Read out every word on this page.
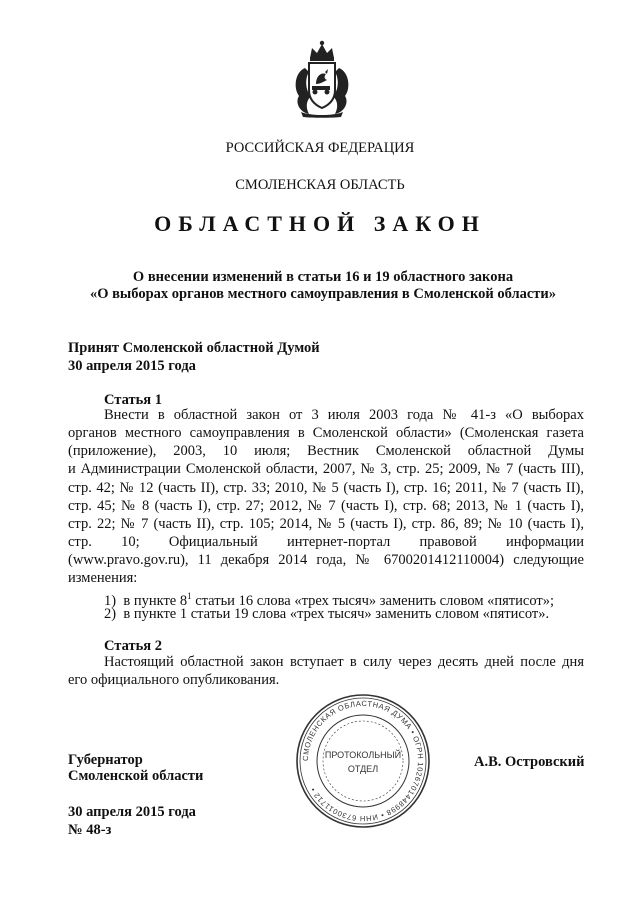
РОССИЙСКАЯ ФЕДЕРАЦИЯ
СМОЛЕНСКАЯ ОБЛАСТЬ
ОБЛАСТНОЙ ЗАКОН
О внесении изменений в статьи 16 и 19 областного закона
«О выборах органов местного самоуправления в Смоленской области»
Принят Смоленской областной Думой
30 апреля 2015 года
Статья 1
Внести в областной закон от 3 июля 2003 года № 41-з «О выборах
органов местного самоуправления в Смоленской области» (Смоленская газета
(приложение), 2003, 10 июля; Вестник Смоленской областной Думы
и Администрации Смоленской области, 2007, № 3, стр. 25; 2009, № 7 (часть III),
стр. 42; № 12 (часть II), стр. 33; 2010, № 5 (часть I), стр. 16; 2011, № 7 (часть II),
стр. 45; № 8 (часть I), стр. 27; 2012, № 7 (часть I), стр. 68; 2013, № 1 (часть I),
стр. 22; № 7 (часть II), стр. 105; 2014, № 5 (часть I), стр. 86, 89; № 10 (часть I),
стр. 10; Официальный интернет-портал правовой информации
(www.pravo.gov.ru), 11 декабря 2014 года, № 6700201412110004) следующие
изменения:
1) в пункте $8^1$ статьи 16 слова «трех тысяч» заменить словом «пятисот»;
2) в пункте 1 статьи 19 слова «трех тысяч» заменить словом «пятисот».
Статья 2
Настоящий областной закон вступает в силу через десять дней после дня
его официального опубликования.
Губернатор
Смоленской области
А.В. Островский
30 апреля 2015 года
№ 48-з
СМОЛЕНСКАЯ ОБЛАСТНАЯ ДУМА • ОГРН 1026701448998 • ИНН 6730011712 •
ПРОТОКОЛЬНЫЙ
ОТДЕЛ
